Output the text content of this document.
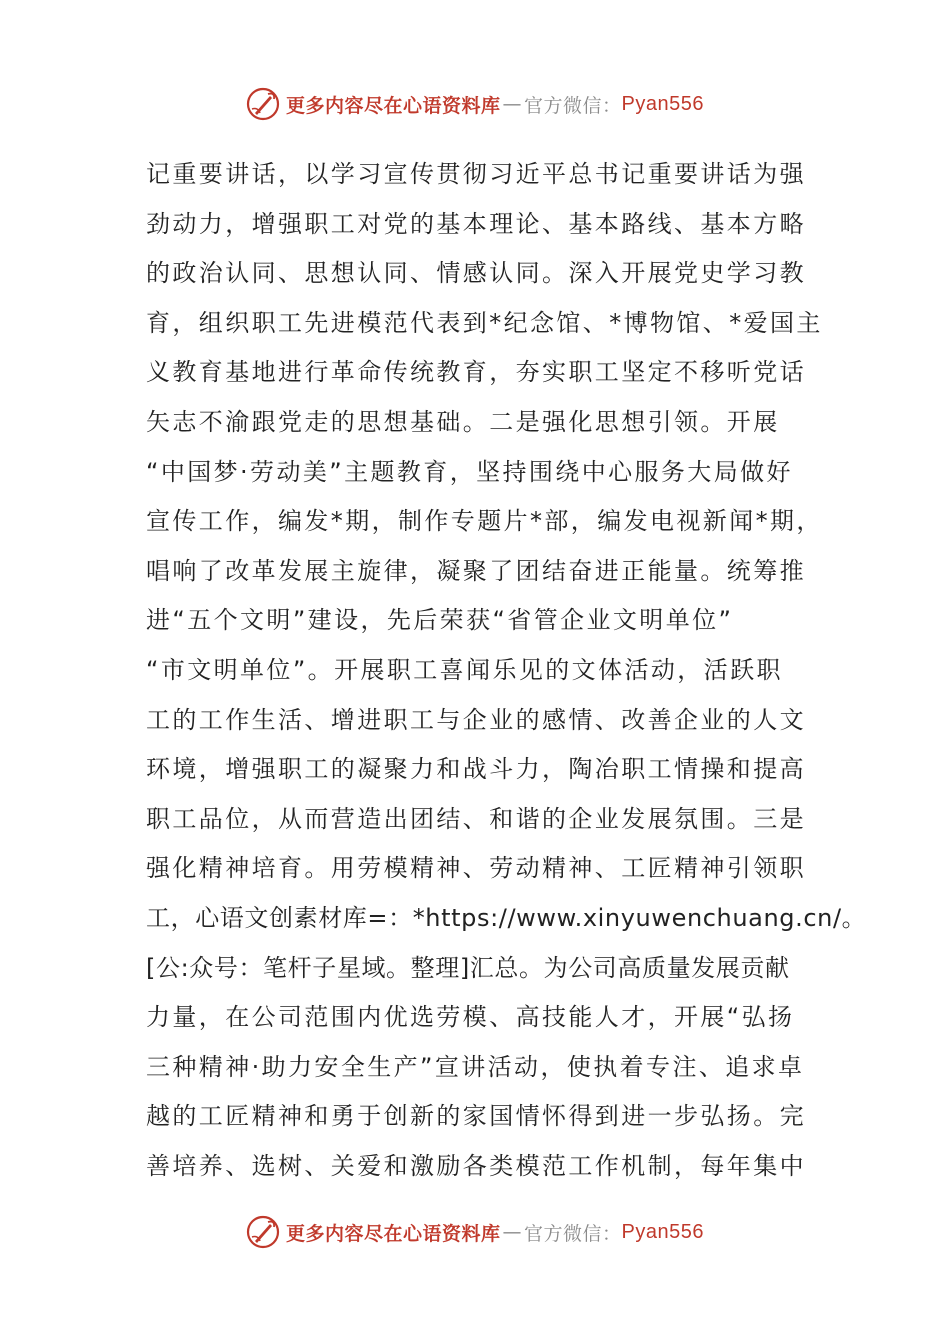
更多内容尽在心语资料库 — 官方微信： Pyan556
记重要讲话，以学习宣传贯彻习近平总书记重要讲话为强
劲动力，增强职工对党的基本理论、基本路线、基本方略
的政治认同、思想认同、情感认同。深入开展党史学习教
育，组织职工先进模范代表到*纪念馆、*博物馆、*爱国主
义教育基地进行革命传统教育，夯实职工坚定不移听党话
矢志不渝跟党走的思想基础。二是强化思想引领。开展
“中国梦·劳动美”主题教育，坚持围绕中心服务大局做好
宣传工作，编发*期，制作专题片*部，编发电视新闻*期，
唱响了改革发展主旋律，凝聚了团结奋进正能量。统筹推
进“五个文明”建设，先后荣获“省管企业文明单位”
“市文明单位”。开展职工喜闻乐见的文体活动，活跃职
工的工作生活、增进职工与企业的感情、改善企业的人文
环境，增强职工的凝聚力和战斗力，陶冶职工情操和提高
职工品位，从而营造出团结、和谐的企业发展氛围。三是
强化精神培育。用劳模精神、劳动精神、工匠精神引领职
工，心语文创素材库=：*https://www.xinyuwenchuang.cn/。
[公:众号：笔杆子星域。整理]汇总。为公司高质量发展贡献
力量，在公司范围内优选劳模、高技能人才，开展“弘扬
三种精神·助力安全生产”宣讲活动，使执着专注、追求卓
越的工匠精神和勇于创新的家国情怀得到进一步弘扬。完
善培养、选树、关爱和激励各类模范工作机制，每年集中
更多内容尽在心语资料库 — 官方微信： Pyan556
